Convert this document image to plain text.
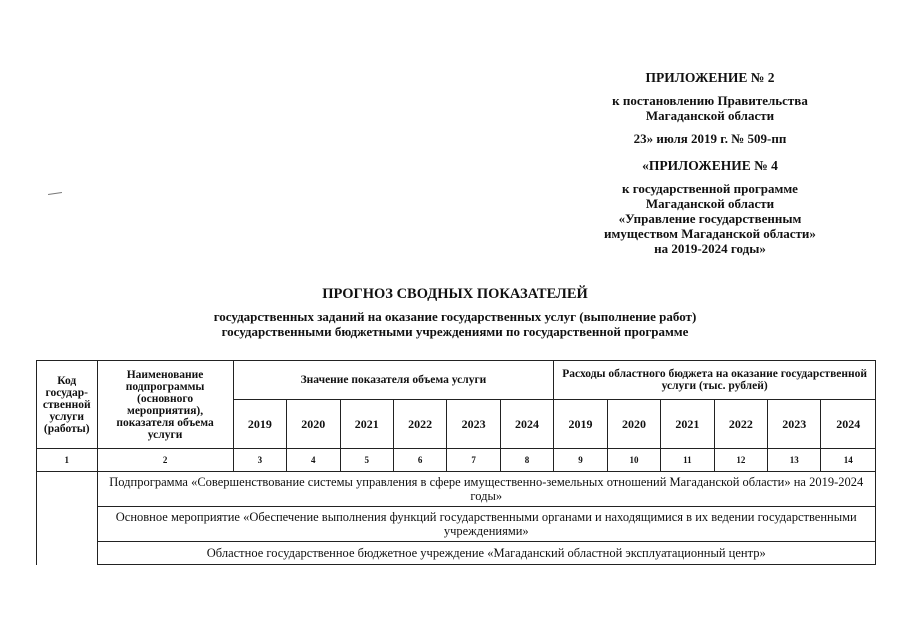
ПРИЛОЖЕНИЕ № 2
к постановлению Правительства
Магаданской области
23» июля 2019 г. № 509-пп
«ПРИЛОЖЕНИЕ № 4
к государственной программе
Магаданской области
«Управление государственным
имуществом Магаданской области»
на 2019-2024 годы»
ПРОГНОЗ СВОДНЫХ ПОКАЗАТЕЛЕЙ
государственных заданий на оказание государственных услуг (выполнение работ)
государственными бюджетными учреждениями по государственной программе
Код государ-ственной услуги (работы)	Наименование подпрограммы (основного мероприятия), показателя объема услуги	Значение показателя объема услуги						Расходы областного бюджета на оказание государственной услуги (тыс. рублей)					
		2019	2020	2021	2022	2023	2024	2019	2020	2021	2022	2023	2024
1	2	3	4	5	6	7	8	9	10	11	12	13	14
	Подпрограмма «Совершенствование системы управления в сфере имущественно-земельных отношений Магаданской области» на 2019-2024 годы»												
	Основное мероприятие «Обеспечение выполнения функций государственными органами и находящимися в их ведении государственными учреждениями»												
	Областное государственное бюджетное учреждение «Магаданский областной эксплуатационный центр»												
